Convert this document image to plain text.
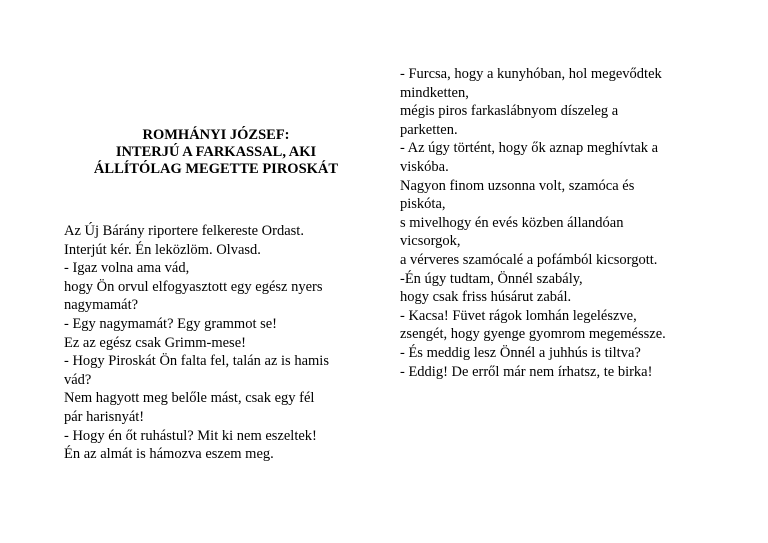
ROMHÁNYI JÓZSEF:
INTERJÚ A FARKASSAL, AKI
ÁLLÍTÓLAG MEGETTE PIROSKÁT
Az Új Bárány riportere felkereste Ordast.
Interjút kér. Én leközlöm. Olvasd.
- Igaz volna ama vád,
hogy Ön orvul elfogyasztott egy egész nyers
nagymamát?
- Egy nagymamát? Egy grammot se!
Ez az egész csak Grimm-mese!
- Hogy Piroskát Ön falta fel, talán az is hamis
vád?
Nem hagyott meg belőle mást, csak egy fél
pár harisnyát!
- Hogy én őt ruhástul? Mit ki nem eszeltek!
Én az almát is hámozva eszem meg.
- Furcsa, hogy a kunyhóban, hol megevődtek
mindketten,
mégis piros farkaslábnyom díszeleg a
parketten.
- Az úgy történt, hogy ők aznap meghívtak a
viskóba.
Nagyon finom uzsonna volt, szamóca és
piskóta,
s mivelhogy én evés közben állandóan
vicsorgok,
a vérveres szamócalé a pofámból kicsorgott.
-Én úgy tudtam, Önnél szabály,
hogy csak friss húsárut zabál.
- Kacsa! Füvet rágok lomhán legelészve,
zsengét, hogy gyenge gyomrom megeméssze.
- És meddig lesz Önnél a juhhús is tiltva?
- Eddig! De erről már nem írhatsz, te birka!
